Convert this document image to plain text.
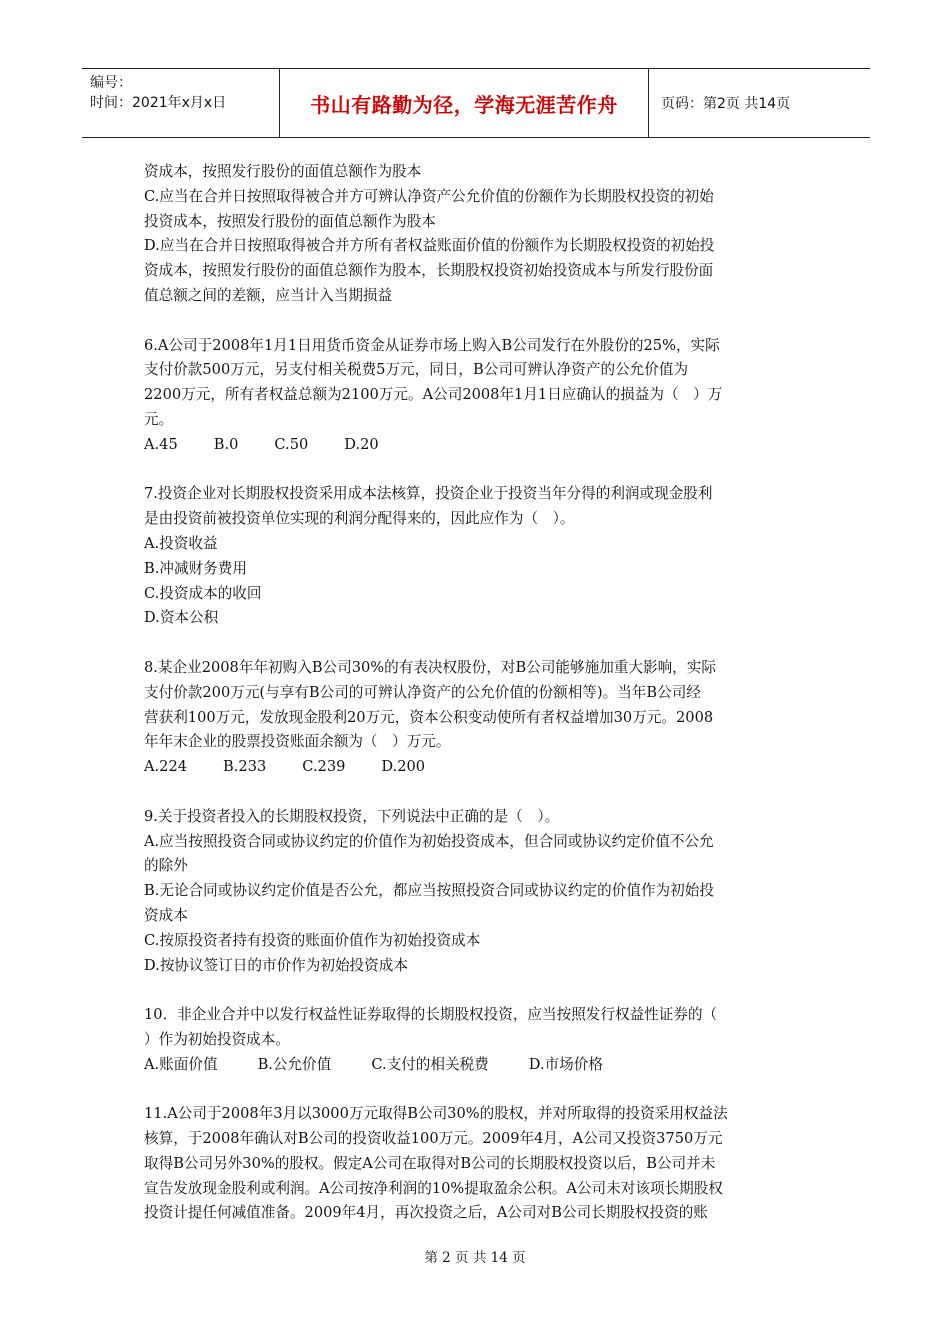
编号：
时间：2021年x月x日	书山有路勤为径，学海无涯苦作舟	页码：第2页 共14页

资成本，按照发行股份的面值总额作为股本

C.应当在合并日按照取得被合并方可辨认净资产公允价值的份额作为长期股权投资的初始

投资成本，按照发行股份的面值总额作为股本

D.应当在合并日按照取得被合并方所有者权益账面价值的份额作为长期股权投资的初始投

资成本，按照发行股份的面值总额作为股本，长期股权投资初始投资成本与所发行股份面

值总额之间的差额，应当计入当期损益

6.A公司于2008年1月1日用货币资金从证券市场上购入B公司发行在外股份的25%，实际

支付价款500万元，另支付相关税费5万元，同日，B公司可辨认净资产的公允价值为

2200万元，所有者权益总额为2100万元。A公司2008年1月1日应确认的损益为（　）万

元。

A.45 B.0 C.50 D.20

7.投资企业对长期股权投资采用成本法核算，投资企业于投资当年分得的利润或现金股利

是由投资前被投资单位实现的利润分配得来的，因此应作为（　）。

A.投资收益

B.冲减财务费用

C.投资成本的收回

D.资本公积

8.某企业2008年年初购入B公司30%的有表决权股份，对B公司能够施加重大影响，实际

支付价款200万元(与享有B公司的可辨认净资产的公允价值的份额相等)。当年B公司经

营获利100万元，发放现金股利20万元，资本公积变动使所有者权益增加30万元。2008

年年末企业的股票投资账面余额为（　）万元。

A.224 B.233 C.239 D.200

9.关于投资者投入的长期股权投资，下列说法中正确的是（　）。

A.应当按照投资合同或协议约定的价值作为初始投资成本，但合同或协议约定价值不公允

的除外

B.无论合同或协议约定价值是否公允，都应当按照投资合同或协议约定的价值作为初始投

资成本

C.按原投资者持有投资的账面价值作为初始投资成本

D.按协议签订日的市价作为初始投资成本

10．非企业合并中以发行权益性证券取得的长期股权投资，应当按照发行权益性证券的（

）作为初始投资成本。

A.账面价值	B.公允价值	C.支付的相关税费	D.市场价格

11.A公司于2008年3月以3000万元取得B公司30%的股权，并对所取得的投资采用权益法

核算，于2008年确认对B公司的投资收益100万元。2009年4月，A公司又投资3750万元

取得B公司另外30%的股权。假定A公司在取得对B公司的长期股权投资以后，B公司并未

宣告发放现金股利或利润。A公司按净利润的10%提取盈余公积。A公司未对该项长期股权

投资计提任何减值准备。2009年4月，再次投资之后，A公司对B公司长期股权投资的账

第 2 页 共 14 页
